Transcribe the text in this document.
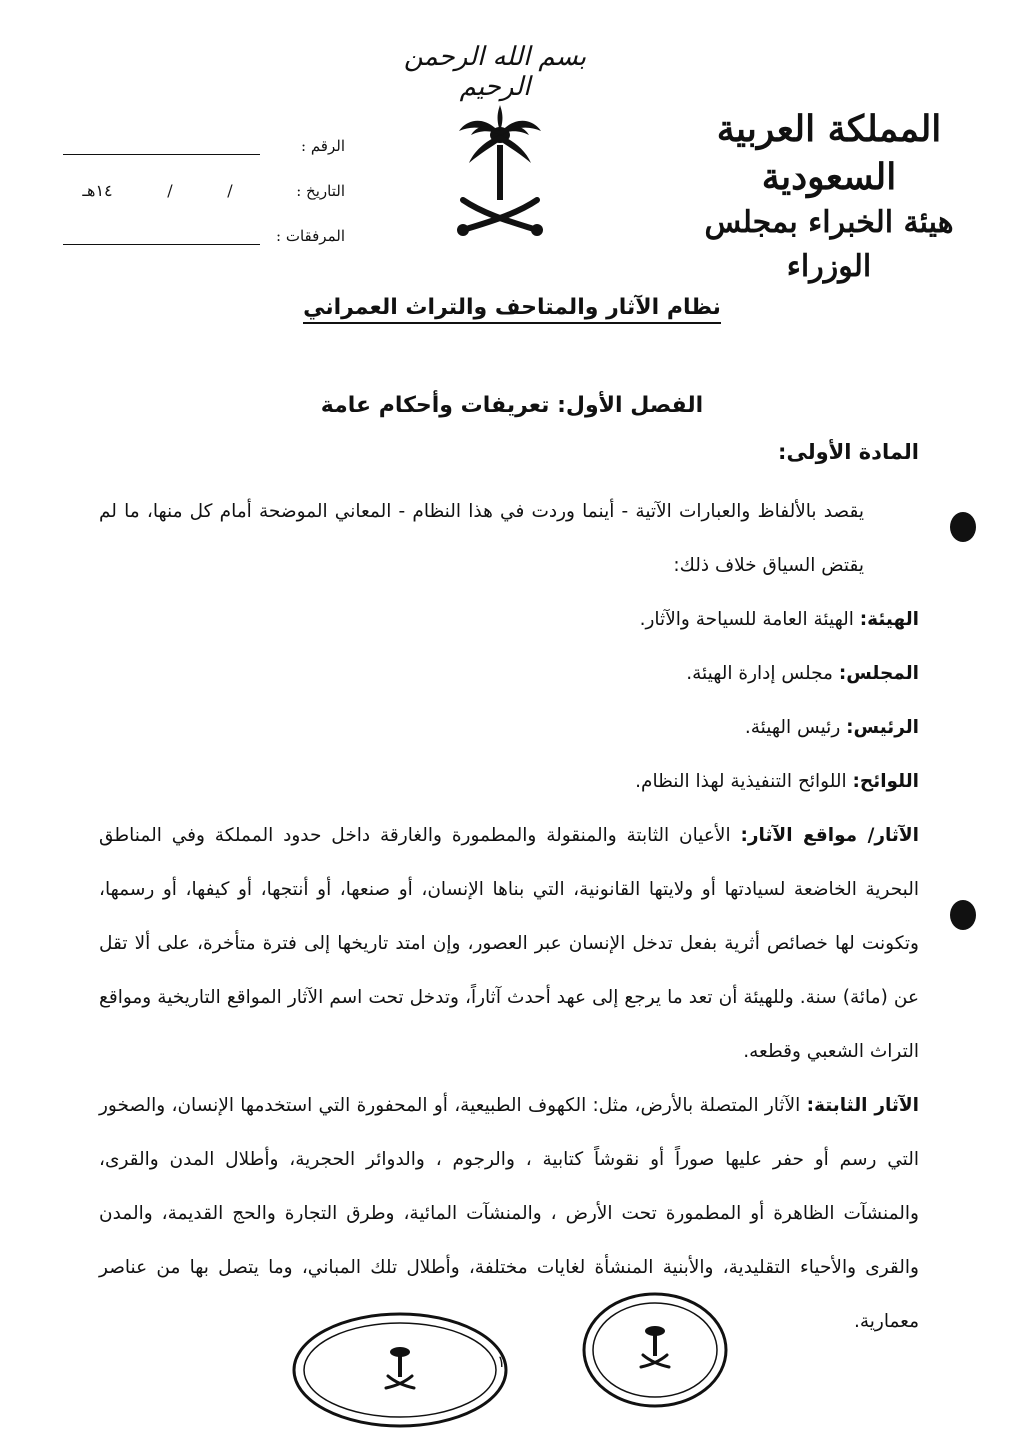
بسم الله الرحمن الرحيم
المملكة العربية السعودية
هيئة الخبراء بمجلس الوزراء
الرقم :
التاريخ :
١٤هـ	/	/
المرفقات :
نظام الآثار والمتاحف والتراث العمراني
الفصل الأول: تعريفات وأحكام عامة
المادة الأولى:

يقصد بالألفاظ والعبارات الآتية - أينما وردت في هذا النظام - المعاني الموضحة أمام كل منها، ما لم يقتض السياق خلاف ذلك:

الهيئة: الهيئة العامة للسياحة والآثار.

المجلس: مجلس إدارة الهيئة.

الرئيس: رئيس الهيئة.

اللوائح: اللوائح التنفيذية لهذا النظام.

الآثار/ مواقع الآثار: الأعيان الثابتة والمنقولة والمطمورة والغارقة داخل حدود المملكة وفي المناطق البحرية الخاضعة لسيادتها أو ولايتها القانونية، التي بناها الإنسان، أو صنعها، أو أنتجها، أو كيفها، أو رسمها، وتكونت لها خصائص أثرية بفعل تدخل الإنسان عبر العصور، وإن امتد تاريخها إلى فترة متأخرة، على ألا تقل عن (مائة) سنة. وللهيئة أن تعد ما يرجع إلى عهد أحدث آثاراً، وتدخل تحت اسم الآثار المواقع التاريخية ومواقع التراث الشعبي وقطعه.

الآثار الثابتة: الآثار المتصلة بالأرض، مثل: الكهوف الطبيعية، أو المحفورة التي استخدمها الإنسان، والصخور التي رسم أو حفر عليها صوراً أو نقوشاً كتابية ، والرجوم ، والدوائر الحجرية، وأطلال المدن والقرى، والمنشآت الظاهرة أو المطمورة تحت الأرض ، والمنشآت المائية، وطرق التجارة والحج القديمة، والمدن والقرى والأحياء التقليدية، والأبنية المنشأة لغايات مختلفة، وأطلال تلك المباني، وما يتصل بها من عناصر معمارية.

١
